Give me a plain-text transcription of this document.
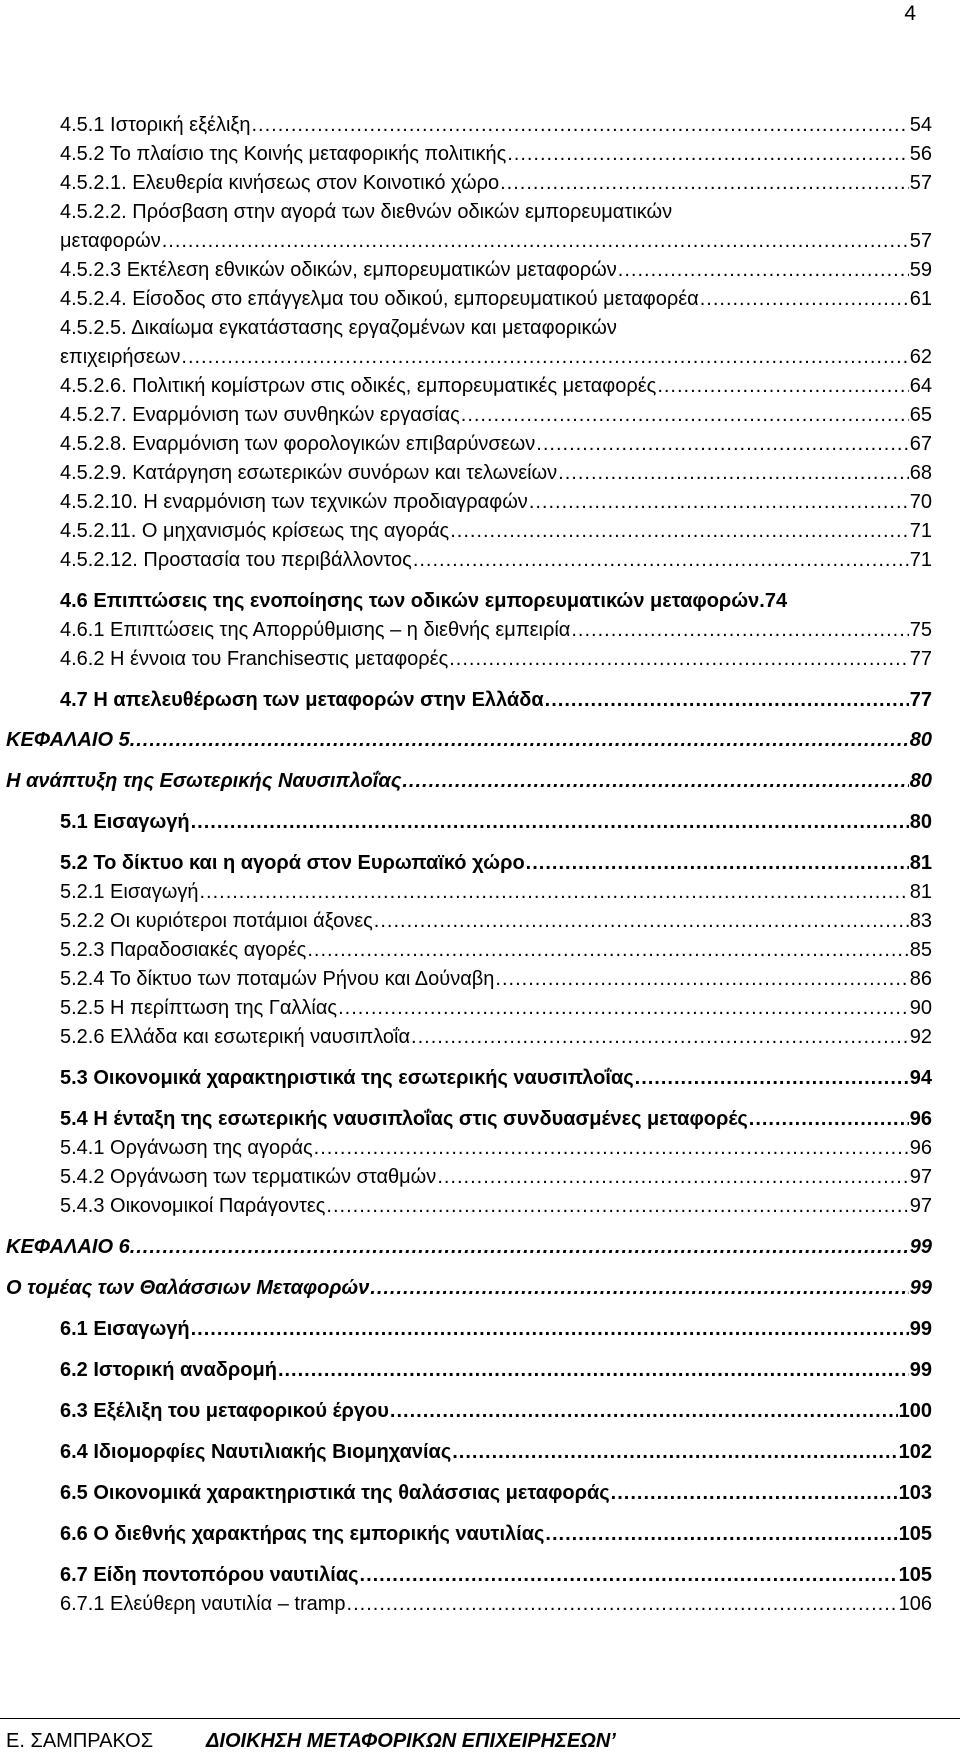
4
4.5.1 Ιστορική εξέλιξη .....	54
4.5.2 Το πλαίσιο της Κοινής μεταφορικής πολιτικής .....	56
4.5.2.1. Ελευθερία κινήσεως στον Κοινοτικό χώρο .....	57
4.5.2.2. Πρόσβαση στην αγορά των διεθνών οδικών εμπορευματικών
μεταφορών .....	57
4.5.2.3 Εκτέλεση εθνικών οδικών, εμπορευματικών μεταφορών .....	59
4.5.2.4. Είσοδος στο επάγγελμα του οδικού, εμπορευματικού μεταφορέα .....	61
4.5.2.5. Δικαίωμα εγκατάστασης εργαζομένων και μεταφορικών
επιχειρήσεων .....	62
4.5.2.6. Πολιτική κομίστρων στις οδικές, εμπορευματικές μεταφορές .....	64
4.5.2.7. Εναρμόνιση των συνθηκών εργασίας .....	65
4.5.2.8. Εναρμόνιση των φορολογικών επιβαρύνσεων .....	67
4.5.2.9. Κατάργηση εσωτερικών συνόρων και τελωνείων .....	68
4.5.2.10. Η εναρμόνιση των τεχνικών προδιαγραφών .....	70
4.5.2.11. Ο μηχανισμός κρίσεως της αγοράς .....	71
4.5.2.12. Προστασία του περιβάλλοντος .....	71
4.6 Επιπτώσεις της ενοποίησης των οδικών εμπορευματικών μεταφορών. 74
4.6.1 Επιπτώσεις της Απορρύθμισης – η διεθνής εμπειρία .....	75
4.6.2 Η έννοια του Franchiseστις μεταφορές .....	77
4.7 Η απελευθέρωση των μεταφορών στην Ελλάδα .....	77
ΚΕΦΑΛΑΙΟ 5. .....	80
Η ανάπτυξη της Εσωτερικής Ναυσιπλοΐας .....	80
5.1 Εισαγωγή .....	80
5.2 Το δίκτυο και η αγορά στον Ευρωπαϊκό χώρο .....	81
5.2.1 Εισαγωγή .....	81
5.2.2 Οι κυριότεροι ποτάμιοι άξονες .....	83
5.2.3 Παραδοσιακές αγορές .....	85
5.2.4 Το δίκτυο των ποταμών Ρήνου και Δούναβη .....	86
5.2.5 Η περίπτωση της Γαλλίας .....	90
5.2.6 Ελλάδα και εσωτερική ναυσιπλοΐα .....	92
5.3 Οικονομικά χαρακτηριστικά της εσωτερικής ναυσιπλοΐας .....	94
5.4 Η ένταξη της εσωτερικής ναυσιπλοΐας στις συνδυασμένες μεταφορές .....	96
5.4.1 Οργάνωση της αγοράς .....	96
5.4.2 Οργάνωση των τερματικών σταθμών .....	97
5.4.3 Οικονομικοί Παράγοντες .....	97
ΚΕΦΑΛΑΙΟ 6. .....	99
Ο τομέας των Θαλάσσιων Μεταφορών .....	99
6.1 Εισαγωγή .....	99
6.2 Ιστορική αναδρομή .....	99
6.3 Εξέλιξη του μεταφορικού έργου .....	100
6.4 Ιδιομορφίες Ναυτιλιακής Βιομηχανίας .....	102
6.5 Οικονομικά χαρακτηριστικά της θαλάσσιας μεταφοράς .....	103
6.6 Ο διεθνής χαρακτήρας της εμπορικής ναυτιλίας .....	105
6.7 Είδη ποντοπόρου ναυτιλίας .....	105
6.7.1 Ελεύθερη ναυτιλία – tramp .....	106
Ε. ΣΑΜΠΡΑΚΟΣ	ΔΙΟΙΚΗΣΗ ΜΕΤΑΦΟΡΙΚΩΝ ΕΠΙΧΕΙΡΗΣΕΩΝ’
